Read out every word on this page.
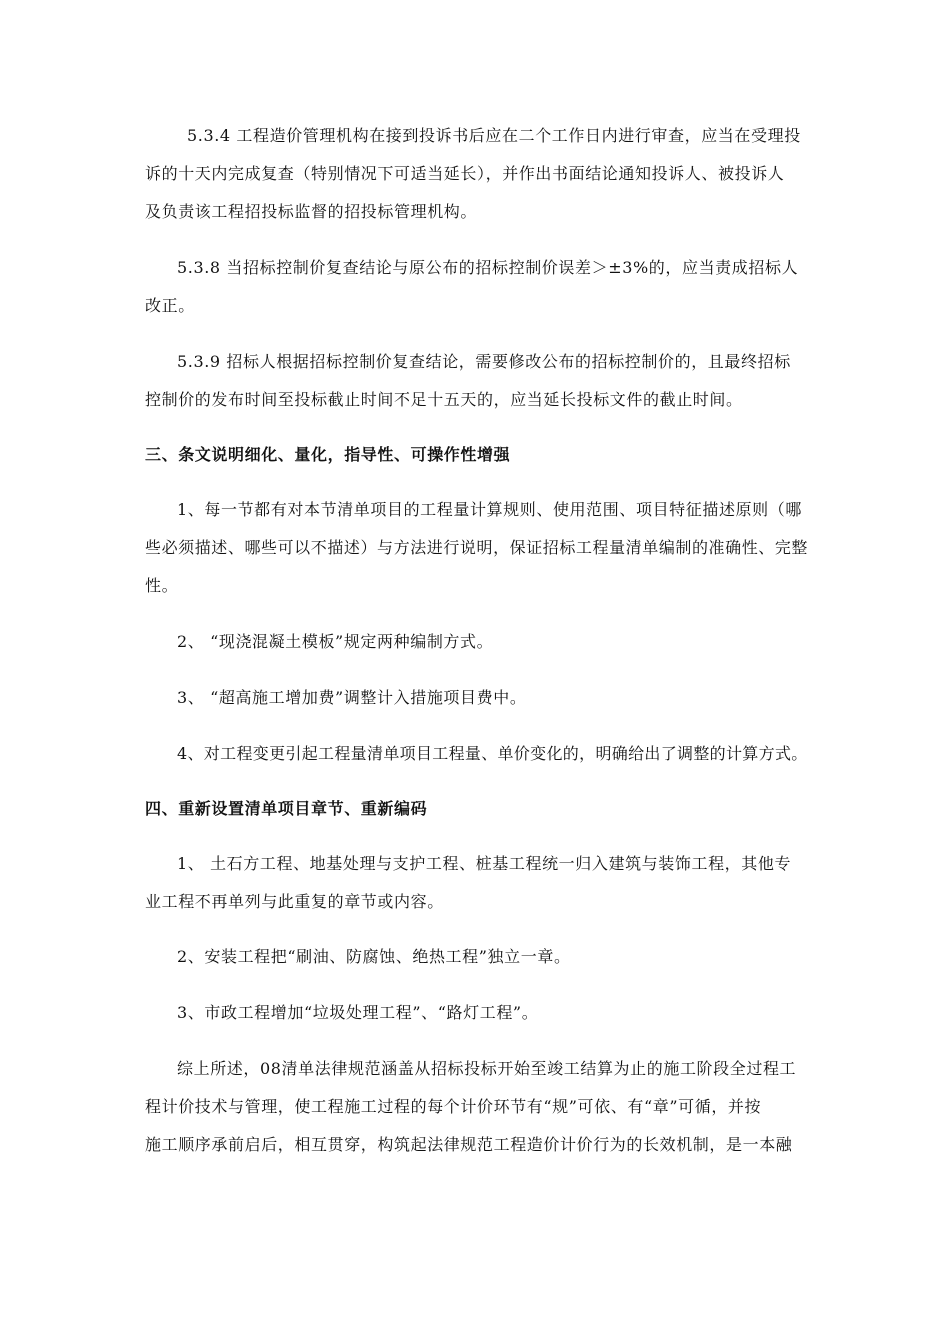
5.3.4 工程造价管理机构在接到投诉书后应在二个工作日内进行审查，应当在受理投
诉的十天内完成复查（特别情况下可适当延长），并作出书面结论通知投诉人、被投诉人
及负责该工程招投标监督的招投标管理机构。
5.3.8 当招标控制价复查结论与原公布的招标控制价误差＞±3%的，应当责成招标人
改正。
5.3.9 招标人根据招标控制价复查结论，需要修改公布的招标控制价的，且最终招标
控制价的发布时间至投标截止时间不足十五天的，应当延长投标文件的截止时间。
三、条文说明细化、量化，指导性、可操作性增强
1、每一节都有对本节清单项目的工程量计算规则、使用范围、项目特征描述原则（哪
些必须描述、哪些可以不描述）与方法进行说明，保证招标工程量清单编制的准确性、完整
性。
2、 “现浇混凝土模板”规定两种编制方式。
3、 “超高施工增加费”调整计入措施项目费中。
4、对工程变更引起工程量清单项目工程量、单价变化的，明确给出了调整的计算方式。
四、重新设置清单项目章节、重新编码
1、 土石方工程、地基处理与支护工程、桩基工程统一归入建筑与装饰工程，其他专
业工程不再单列与此重复的章节或内容。
2、安装工程把“刷油、防腐蚀、绝热工程”独立一章。
3、市政工程增加“垃圾处理工程”、“路灯工程”。
综上所述，08清单法律规范涵盖从招标投标开始至竣工结算为止的施工阶段全过程工
程计价技术与管理，使工程施工过程的每个计价环节有“规”可依、有“章”可循，并按
施工顺序承前启后，相互贯穿，构筑起法律规范工程造价计价行为的长效机制，是一本融
